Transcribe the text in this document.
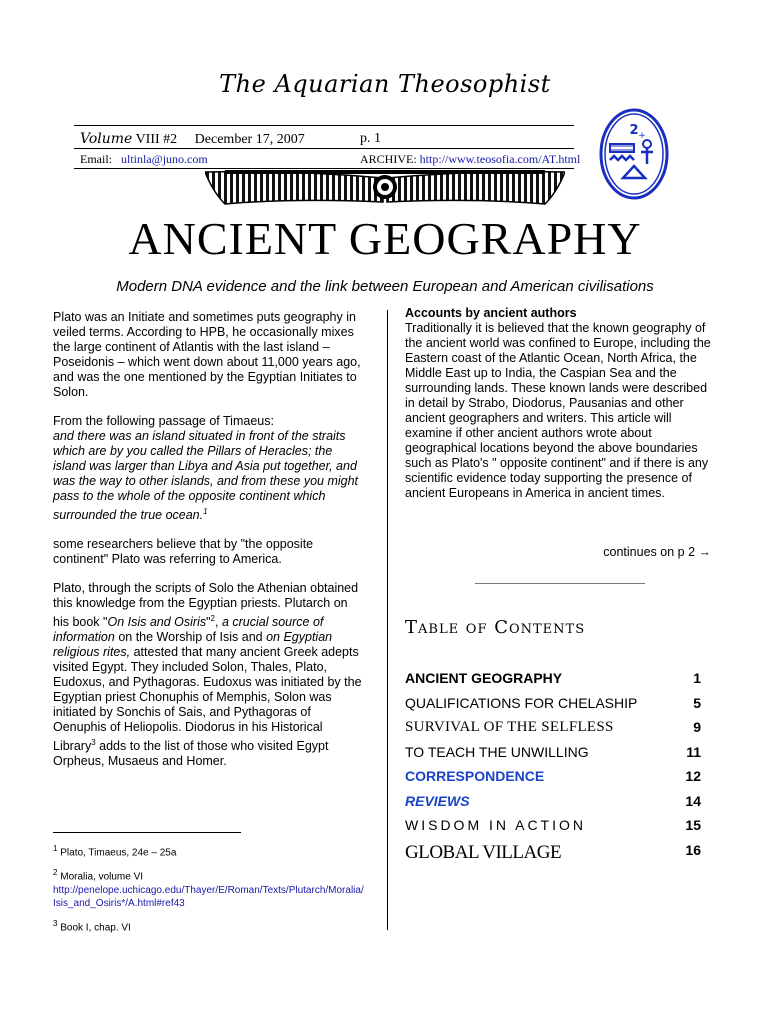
The Aquarian Theosophist
Volume VIII #2 December 17, 2007	p. 1
Email: ultinla@juno.com	ARCHIVE: http://www.teosofia.com/AT.html
2 +
ANCIENT GEOGRAPHY
Modern DNA evidence and the link between European and American civilisations

Plato was an Initiate and sometimes puts geography in veiled terms. According to HPB, he occasionally mixes the large continent of Atlantis with the last island – Poseidonis – which went down about 11,000 years ago, and was the one mentioned by the Egyptian Initiates to Solon.

From the following passage of Timaeus:

and there was an island situated in front of the straits which are by you called the Pillars of Heracles; the island was larger than Libya and Asia put together, and was the way to other islands, and from these you might pass to the whole of the opposite continent which surrounded the true ocean.$^1$

some researchers believe that by "the opposite continent" Plato was referring to America.

Plato, through the scripts of Solo the Athenian obtained this knowledge from the Egyptian priests. Plutarch on his book "On Isis and Osiris"$^2$, a crucial source of information on the Worship of Isis and on Egyptian religious rites, attested that many ancient Greek adepts visited Egypt. They included Solon, Thales, Plato, Eudoxus, and Pythagoras. Eudoxus was initiated by the Egyptian priest Chonuphis of Memphis, Solon was initiated by Sonchis of Sais, and Pythagoras of Oenuphis of Heliopolis. Diodorus in his Historical Library$^3$ adds to the list of those who visited Egypt Orpheus, Musaeus and Homer.

Accounts by ancient authors
Traditionally it is believed that the known geography of the ancient world was confined to Europe, including the Eastern coast of the Atlantic Ocean, North Africa, the Middle East up to India, the Caspian Sea and the surrounding lands. These known lands were described in detail by Strabo, Diodorus, Pausanias and other ancient geographers and writers. This article will examine if other ancient authors wrote about geographical locations beyond the above boundaries such as Plato's " opposite continent" and if there is any scientific evidence today supporting the presence of ancient Europeans in America in ancient times.
continues on p 2 →
Table of Contents
ANCIENT GEOGRAPHY	1
QUALIFICATIONS FOR CHELASHIP	5
SURVIVAL OF THE SELFLESS	9
TO TEACH THE UNWILLING	11
CORRESPONDENCE	12
REVIEWS	14
WISDOM IN ACTION	15
GLOBAL VILLAGE	16

$^1$ Plato, Timaeus, 24e – 25a

$^2$ Moralia, volume VI
http://penelope.uchicago.edu/Thayer/E/Roman/Texts/Plutarch/Moralia/Isis_and_Osiris*/A.html#ref43

$^3$ Book I, chap. VI
